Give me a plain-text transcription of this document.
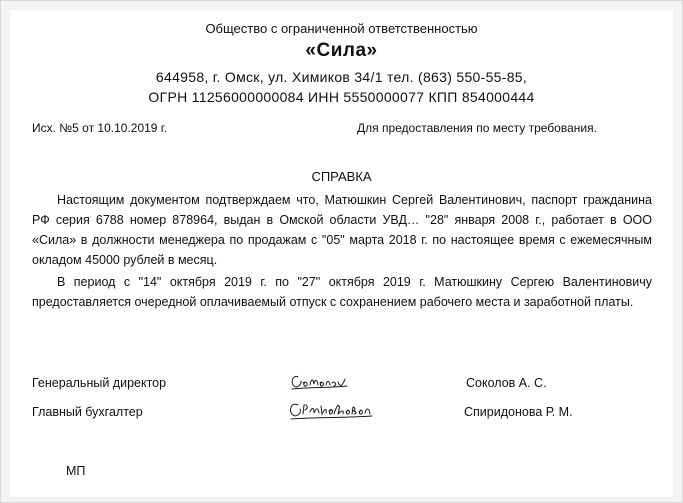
Общество с ограниченной ответственностью
«Сила»
644958, г. Омск, ул. Химиков 34/1 тел. (863) 550-55-85,
ОГРН 11256000000084 ИНН 5550000077 КПП 854000444
Исх. №5 от 10.10.2019 г.	Для предоставления по месту требования.
СПРАВКА
Настоящим документом подтверждаем что, Матюшкин Сергей Валентинович, паспорт гражданина РФ серия 6788 номер 878964, выдан в Омской области УВД… "28" января 2008 г., работает в ООО «Сила» в должности менеджера по продажам с "05" марта 2018 г. по настоящее время с ежемесячным окладом 45000 рублей в месяц.
В период с "14" октября 2019 г. по "27" октября 2019 г. Матюшкину Сергею Валентиновичу предоставляется очередной оплачиваемый отпуск с сохранением рабочего места и заработной платы.
Генеральный директор	Соколов А. С.
Главный бухгалтер	Спиридонова Р. М.
МП
